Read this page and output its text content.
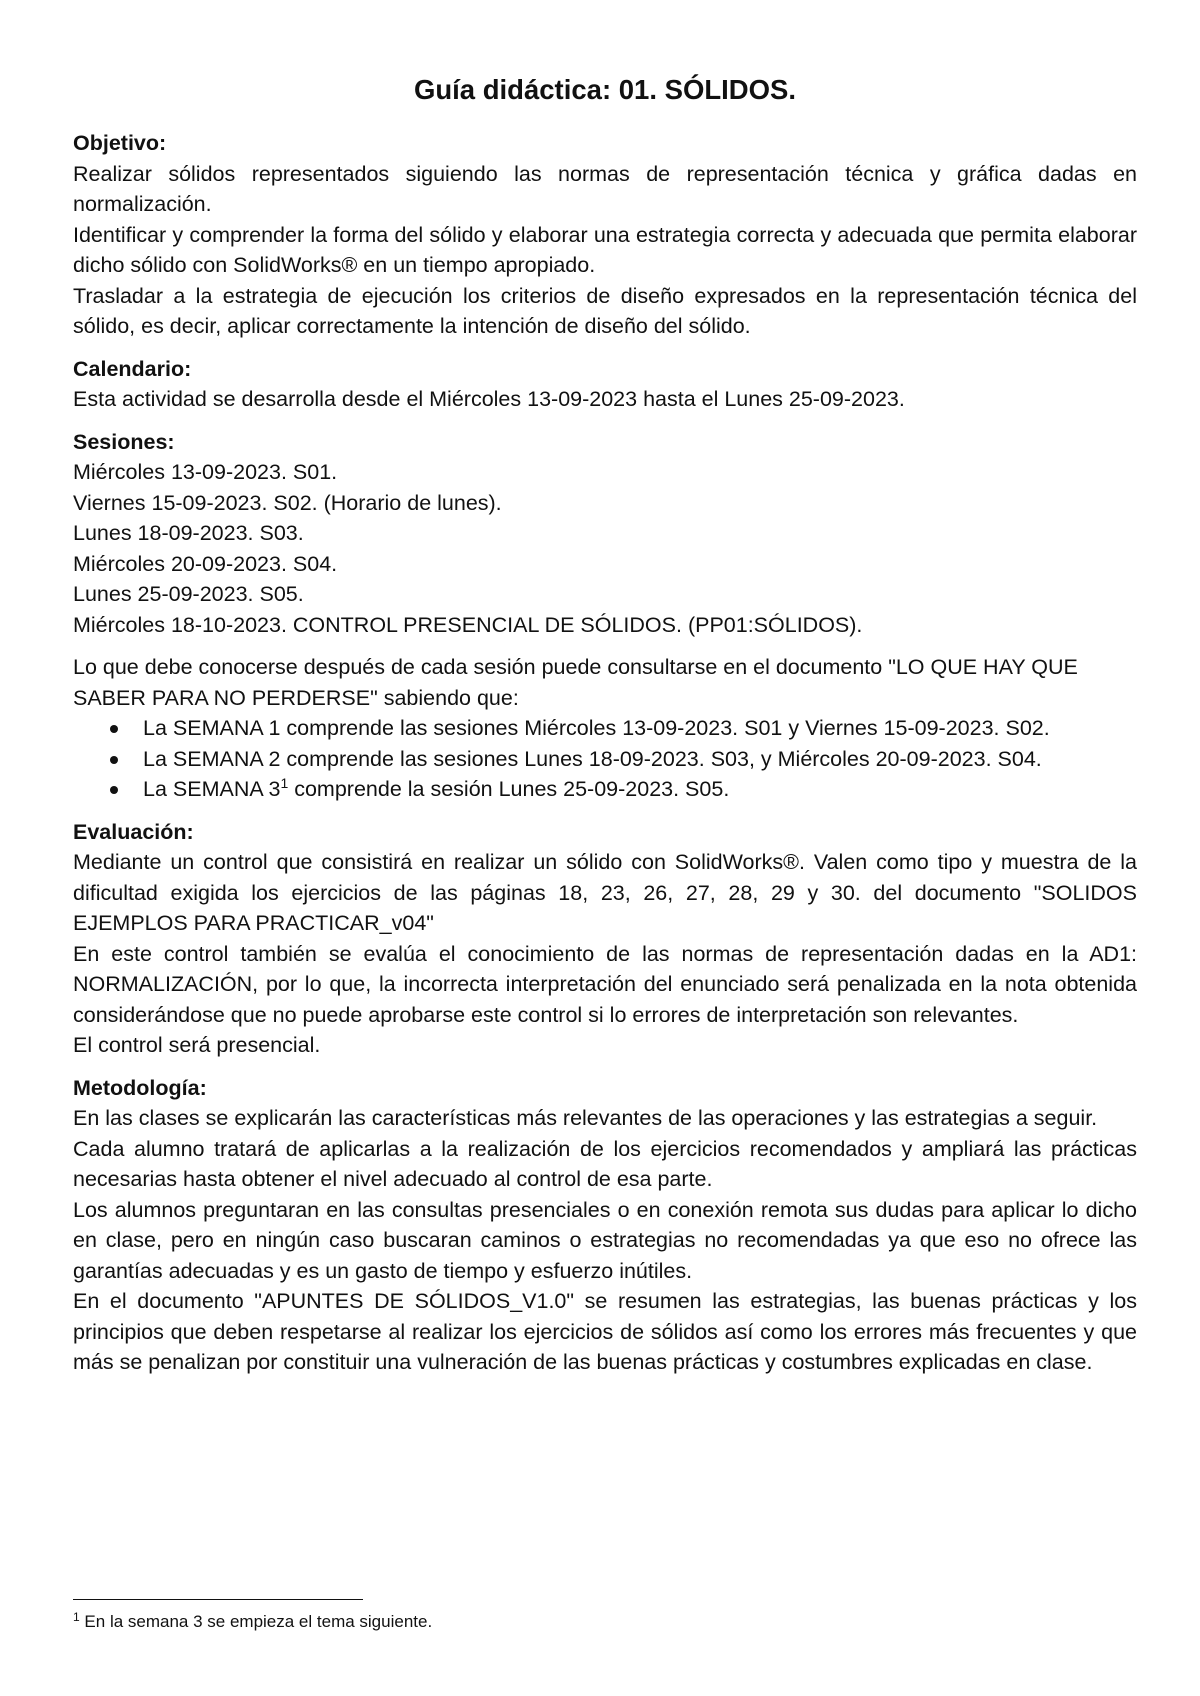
Guía didáctica: 01. SÓLIDOS.
Objetivo:

Realizar sólidos representados siguiendo las normas de representación técnica y gráfica dadas en normalización.

Identificar y comprender la forma del sólido y elaborar una estrategia correcta y adecuada que permita elaborar dicho sólido con SolidWorks® en un tiempo apropiado.

Trasladar a la estrategia de ejecución los criterios de diseño expresados en la representación técnica del sólido, es decir, aplicar correctamente la intención de diseño del sólido.

Calendario:

Esta actividad se desarrolla desde el Miércoles 13-09-2023 hasta el Lunes 25-09-2023.

Sesiones:
Miércoles 13-09-2023. S01.
Viernes 15-09-2023. S02. (Horario de lunes).
Lunes 18-09-2023. S03.
Miércoles 20-09-2023. S04.
Lunes 25-09-2023. S05.
Miércoles 18-10-2023. CONTROL PRESENCIAL DE SÓLIDOS. (PP01:SÓLIDOS).

Lo que debe conocerse después de cada sesión puede consultarse en el documento "LO QUE HAY QUE SABER PARA NO PERDERSE" sabiendo que:

La SEMANA 1 comprende las sesiones Miércoles 13-09-2023. S01 y Viernes 15-09-2023. S02.
La SEMANA 2 comprende las sesiones Lunes 18-09-2023. S03, y Miércoles 20-09-2023. S04.
La SEMANA $3^1$ comprende la sesión Lunes 25-09-2023. S05.
Evaluación:

Mediante un control que consistirá en realizar un sólido con SolidWorks®. Valen como tipo y muestra de la dificultad exigida los ejercicios de las páginas 18, 23, 26, 27, 28, 29 y 30. del documento "SOLIDOS EJEMPLOS PARA PRACTICAR_v04"

En este control también se evalúa el conocimiento de las normas de representación dadas en la AD1: NORMALIZACIÓN, por lo que, la incorrecta interpretación del enunciado será penalizada en la nota obtenida considerándose que no puede aprobarse este control si lo errores de interpretación son relevantes.

El control será presencial.

Metodología:

En las clases se explicarán las características más relevantes de las operaciones y las estrategias a seguir.

Cada alumno tratará de aplicarlas a la realización de los ejercicios recomendados y ampliará las prácticas necesarias hasta obtener el nivel adecuado al control de esa parte.

Los alumnos preguntaran en las consultas presenciales o en conexión remota sus dudas para aplicar lo dicho en clase, pero en ningún caso buscaran caminos o estrategias no recomendadas ya que eso no ofrece las garantías adecuadas y es un gasto de tiempo y esfuerzo inútiles.

En el documento "APUNTES DE SÓLIDOS_V1.0" se resumen las estrategias, las buenas prácticas y los principios que deben respetarse al realizar los ejercicios de sólidos así como los errores más frecuentes y que más se penalizan por constituir una vulneración de las buenas prácticas y costumbres explicadas en clase.

$^1$ En la semana 3 se empieza el tema siguiente.
